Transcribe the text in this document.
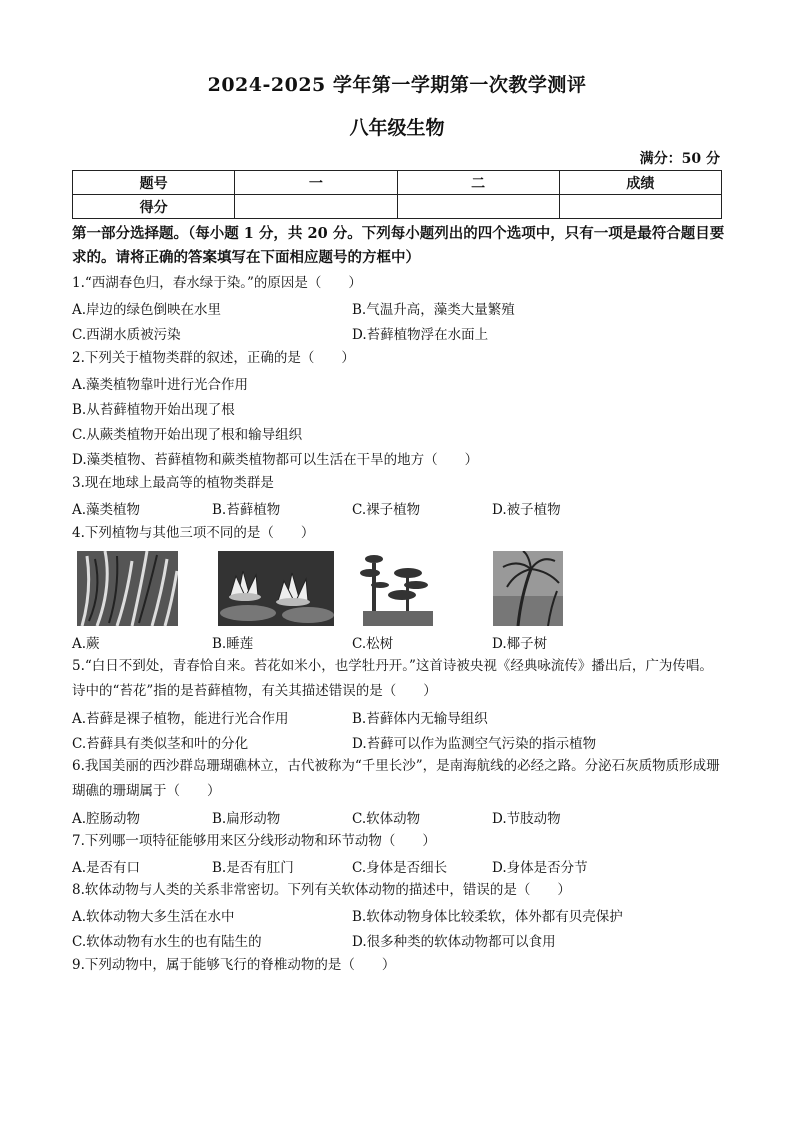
2024-2025 学年第一学期第一次教学测评
八年级生物
满分：50 分
题号	一	二	成绩
得分			
第一部分选择题。（每小题 1 分，共 20 分。下列每小题列出的四个选项中，只有一项是最符合题目要求的。请将正确的答案填写在下面相应题号的方框中）
1.“西湖春色归，春水绿于染。”的原因是（　　）
A.岸边的绿色倒映在水里	B.气温升高，藻类大量繁殖
C.西湖水质被污染	D.苔藓植物浮在水面上
2.下列关于植物类群的叙述，正确的是（　　）
A.藻类植物靠叶进行光合作用
B.从苔藓植物开始出现了根
C.从蕨类植物开始出现了根和输导组织
D.藻类植物、苔藓植物和蕨类植物都可以生活在干旱的地方（　　）
3.现在地球上最高等的植物类群是
A.藻类植物	B.苔藓植物	C.裸子植物	D.被子植物
4.下列植物与其他三项不同的是（　　）
A.蕨	B.睡莲	C.松树	D.椰子树
5.“白日不到处，青春恰自来。苔花如米小，也学牡丹开。”这首诗被央视《经典咏流传》播出后，广为传唱。诗中的“苔花”指的是苔藓植物，有关其描述错误的是（　　）
A.苔藓是裸子植物，能进行光合作用	B.苔藓体内无输导组织
C.苔藓具有类似茎和叶的分化	D.苔藓可以作为监测空气污染的指示植物
6.我国美丽的西沙群岛珊瑚礁林立，古代被称为“千里长沙”，是南海航线的必经之路。分泌石灰质物质形成珊瑚礁的珊瑚属于（　　）
A.腔肠动物	B.扁形动物	C.软体动物	D.节肢动物
7.下列哪一项特征能够用来区分线形动物和环节动物（　　）
A.是否有口	B.是否有肛门	C.身体是否细长	D.身体是否分节
8.软体动物与人类的关系非常密切。下列有关软体动物的描述中，错误的是（　　）
A.软体动物大多生活在水中	B.软体动物身体比较柔软，体外都有贝壳保护
C.软体动物有水生的也有陆生的	D.很多种类的软体动物都可以食用
9.下列动物中，属于能够飞行的脊椎动物的是（　　）
